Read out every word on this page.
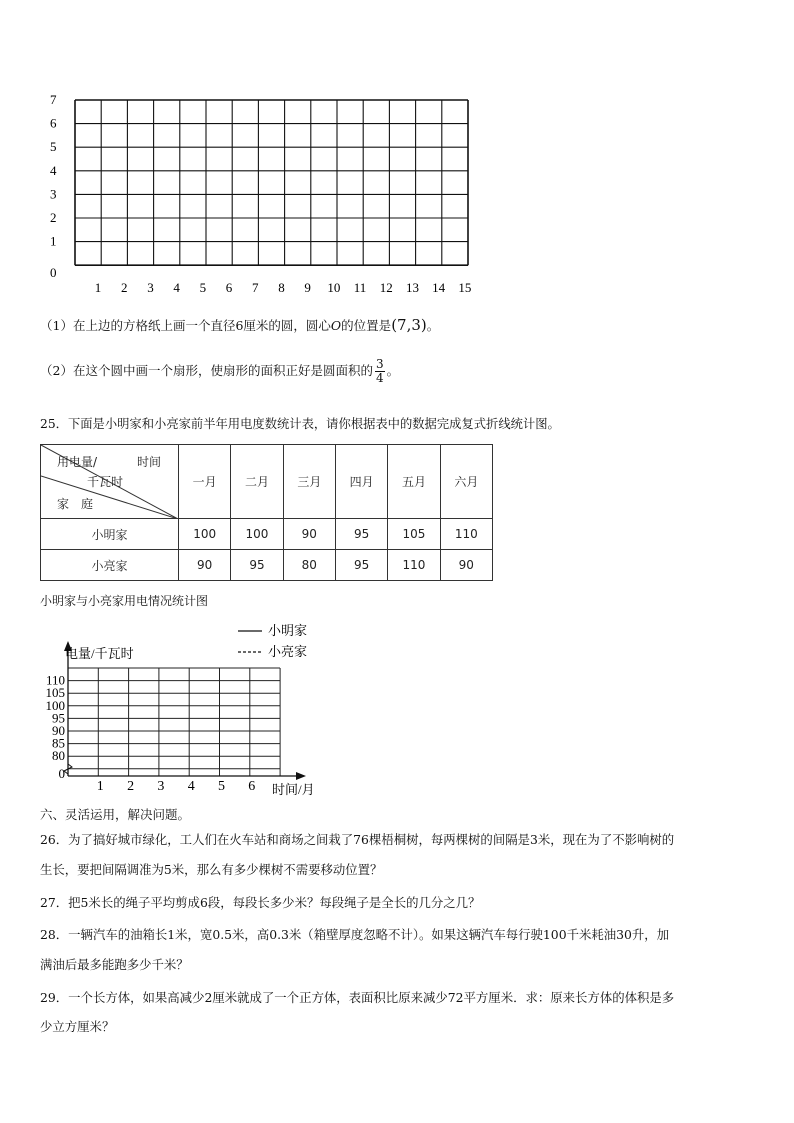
7
6
5
4
3
2
1
0
1 2 3 4 5 6 7 8 9 10 11 12 13 14 15
（1）在上边的方格纸上画一个直径6厘米的圆，圆心O的位置是(7,3)。
（2）在这个圆中画一个扇形，使扇形的面积正好是圆面积的 $\frac{3}{4}$ 。
25．下面是小明家和小亮家前半年用电度数统计表，请你根据表中的数据完成复式折线统计图。
用电量/ 时间
千瓦时
家　庭	一月	二月	三月	四月	五月	六月
小明家	100	100	90	95	105	110
小亮家	90	95	80	95	110	90
小明家与小亮家用电情况统计图
小明家
小亮家
0
80
85
90
95
100
105
110
1 2 3 4 5 6
电量/千瓦时
时间/月
六、灵活运用，解决问题。
26．为了搞好城市绿化，工人们在火车站和商场之间栽了76棵梧桐树，每两棵树的间隔是3米，现在为了不影响树的
生长，要把间隔调准为5米，那么有多少棵树不需要移动位置？
27．把5米长的绳子平均剪成6段，每段长多少米？每段绳子是全长的几分之几？
28．一辆汽车的油箱长1米，宽0.5米，高0.3米（箱壁厚度忽略不计）。如果这辆汽车每行驶100千米耗油30升，加
满油后最多能跑多少千米？
29．一个长方体，如果高减少2厘米就成了一个正方体，表面积比原来减少72平方厘米．求：原来长方体的体积是多
少立方厘米？
